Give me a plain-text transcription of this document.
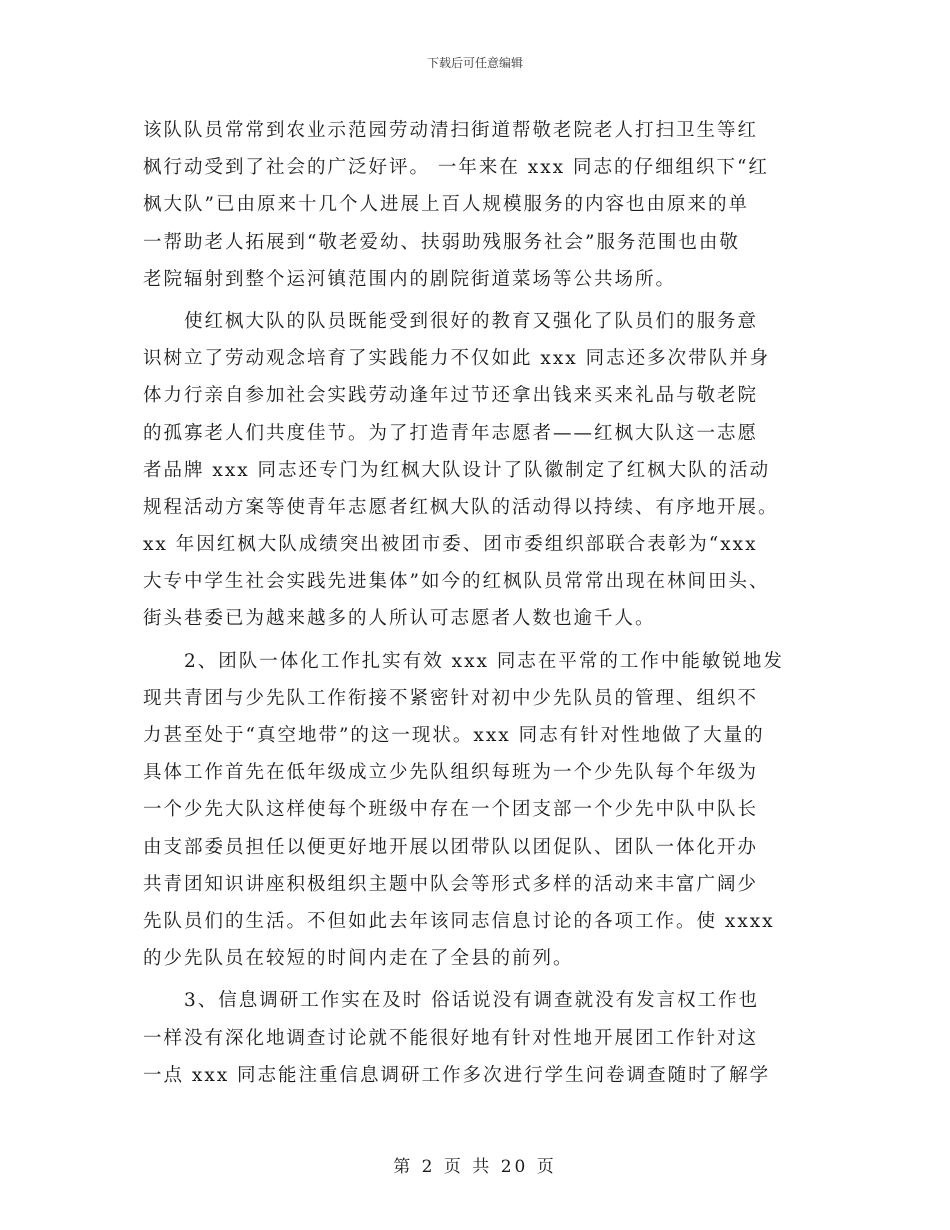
下载后可任意编辑
该队队员常常到农业示范园劳动清扫街道帮敬老院老人打扫卫生等红
枫行动受到了社会的广泛好评。 一年来在 xxx 同志的仔细组织下“红
枫大队”已由原来十几个人进展上百人规模服务的内容也由原来的单
一帮助老人拓展到“敬老爱幼、扶弱助残服务社会”服务范围也由敬
老院辐射到整个运河镇范围内的剧院街道菜场等公共场所。
　　使红枫大队的队员既能受到很好的教育又强化了队员们的服务意
识树立了劳动观念培育了实践能力不仅如此 xxx 同志还多次带队并身
体力行亲自参加社会实践劳动逢年过节还拿出钱来买来礼品与敬老院
的孤寡老人们共度佳节。为了打造青年志愿者——红枫大队这一志愿
者品牌 xxx 同志还专门为红枫大队设计了队徽制定了红枫大队的活动
规程活动方案等使青年志愿者红枫大队的活动得以持续、有序地开展。
xx 年因红枫大队成绩突出被团市委、团市委组织部联合表彰为“xxx
大专中学生社会实践先进集体”如今的红枫队员常常出现在林间田头、
街头巷委已为越来越多的人所认可志愿者人数也逾千人。
　　2、团队一体化工作扎实有效 xxx 同志在平常的工作中能敏锐地发
现共青团与少先队工作衔接不紧密针对初中少先队员的管理、组织不
力甚至处于“真空地带”的这一现状。xxx 同志有针对性地做了大量的
具体工作首先在低年级成立少先队组织每班为一个少先队每个年级为
一个少先大队这样使每个班级中存在一个团支部一个少先中队中队长
由支部委员担任以便更好地开展以团带队以团促队、团队一体化开办
共青团知识讲座积极组织主题中队会等形式多样的活动来丰富广阔少
先队员们的生活。不但如此去年该同志信息讨论的各项工作。使 xxxx
的少先队员在较短的时间内走在了全县的前列。
　　3、信息调研工作实在及时 俗话说没有调查就没有发言权工作也
一样没有深化地调查讨论就不能很好地有针对性地开展团工作针对这
一点 xxx 同志能注重信息调研工作多次进行学生问卷调查随时了解学
第 2 页 共 20 页
